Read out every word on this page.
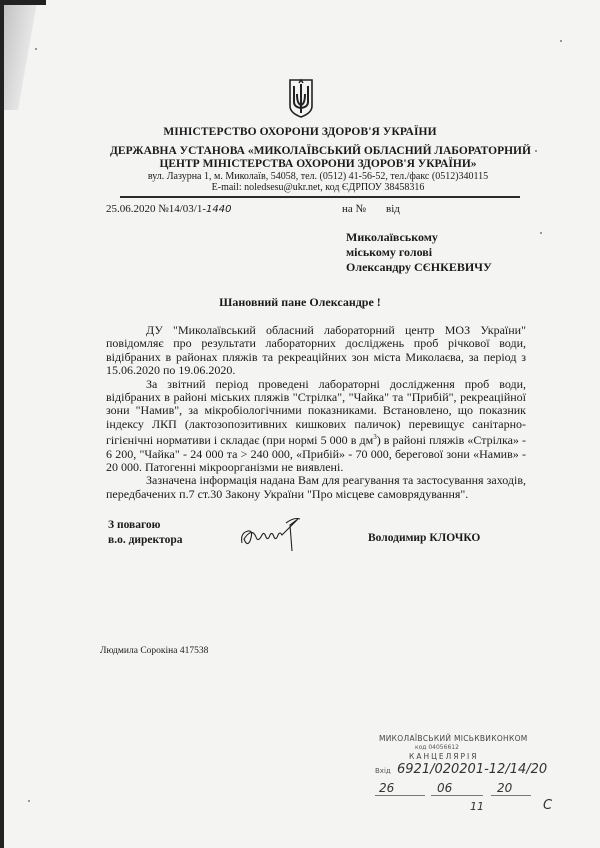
МІНІСТЕРСТВО ОХОРОНИ ЗДОРОВ'Я УКРАЇНИ
ДЕРЖАВНА УСТАНОВА «МИКОЛАЇВСЬКИЙ ОБЛАСНИЙ ЛАБОРАТОРНИЙ
ЦЕНТР МІНІСТЕРСТВА ОХОРОНИ ЗДОРОВ'Я УКРАЇНИ»
вул. Лазурна 1, м. Миколаїв, 54058, тел. (0512) 41-56-52, тел./факс (0512)340115
E-mail: noledsesu@ukr.net, код ЄДРПОУ 38458316
25.06.2020 №14/03/1-1440	на № від
Миколаївському
міському голові
Олександру СЄНКЕВИЧУ
Шановний пане Олександре !

ДУ "Миколаївський обласний лабораторний центр МОЗ України" повідомляє про результати лабораторних досліджень проб річкової води, відібраних в районах пляжів та рекреаційних зон міста Миколаєва, за період з 15.06.2020 по 19.06.2020.

За звітний період проведені лабораторні дослідження проб води, відібраних в районі міських пляжів "Стрілка", "Чайка" та "Прибій", рекреаційної зони "Намив", за мікробіологічними показниками. Встановлено, що показник індексу ЛКП (лактозопозитивних кишкових паличок) перевищує санітарно-гігієнічні нормативи і складає (при нормі 5 000 в $дм^3$) в районі пляжів «Стрілка» - 6 200, "Чайка" - 24 000 та > 240 000, «Прибій» - 70 000, берегової зони «Намив» - 20 000. Патогенні мікроорганізми не виявлені.

Зазначена інформація надана Вам для реагування та застосування заходів, передбачених п.7 ст.30 Закону України "Про місцеве самоврядування".

З повагою
в.о. директора	Володимир КЛОЧКО
Людмила Сорокіна 417538
МИКОЛАЇВСЬКИЙ МІСЬКВИКОНКОМ
код 04056612
КАНЦЕЛЯРІЯ
Вхід 6921/020201-12/14/20
26	06	20
11	С
